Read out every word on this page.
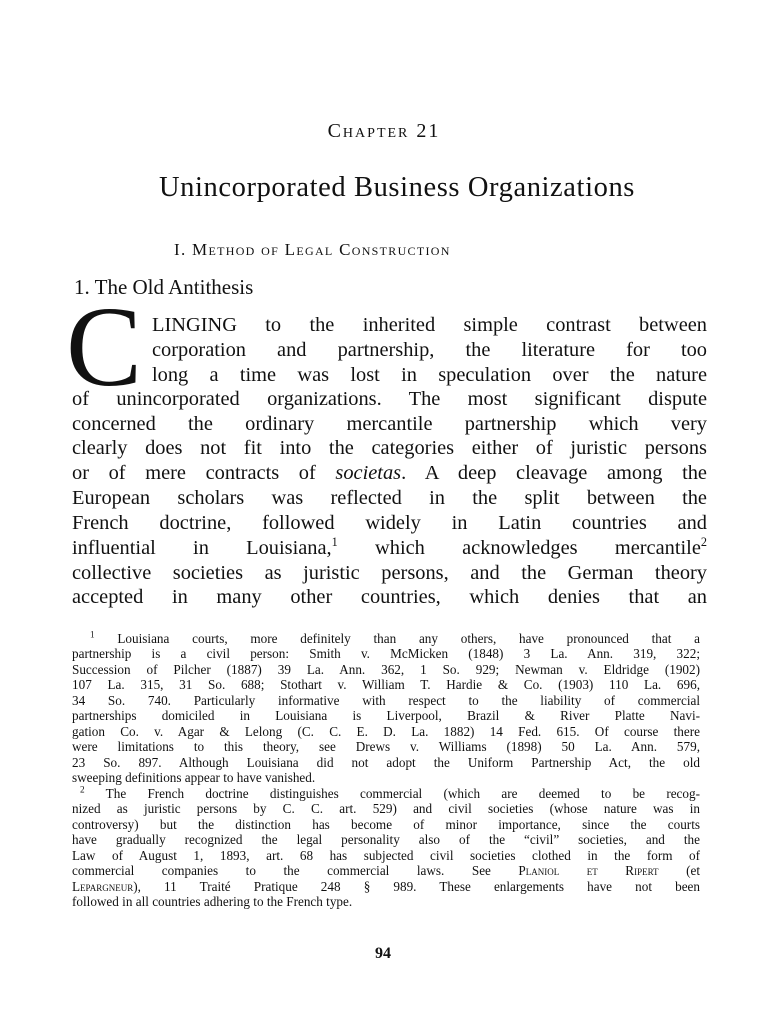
Chapter 21
Unincorporated Business Organizations
I. Method of Legal Construction
1. The Old Antithesis
C LINGING to the inherited simple contrast between
corporation and partnership, the literature for too
long a time was lost in speculation over the nature
of unincorporated organizations. The most significant dispute
concerned the ordinary mercantile partnership which very
clearly does not fit into the categories either of juristic persons
or of mere contracts of societas. A deep cleavage among the
European scholars was reflected in the split between the
French doctrine, followed widely in Latin countries and
influential in Louisiana,$^1$ which acknowledges mercantile$^2$
collective societies as juristic persons, and the German theory
accepted in many other countries, which denies that an
$^1$ Louisiana courts, more definitely than any others, have pronounced that a
partnership is a civil person: Smith v. McMicken (1848) 3 La. Ann. 319, 322;
Succession of Pilcher (1887) 39 La. Ann. 362, 1 So. 929; Newman v. Eldridge (1902)
107 La. 315, 31 So. 688; Stothart v. William T. Hardie & Co. (1903) 110 La. 696,
34 So. 740. Particularly informative with respect to the liability of commercial
partnerships domiciled in Louisiana is Liverpool, Brazil & River Platte Navi-
gation Co. v. Agar & Lelong (C. C. E. D. La. 1882) 14 Fed. 615. Of course there
were limitations to this theory, see Drews v. Williams (1898) 50 La. Ann. 579,
23 So. 897. Although Louisiana did not adopt the Uniform Partnership Act, the old
sweeping definitions appear to have vanished.
$^2$ The French doctrine distinguishes commercial (which are deemed to be recog-
nized as juristic persons by C. C. art. 529) and civil societies (whose nature was in
controversy) but the distinction has become of minor importance, since the courts
have gradually recognized the legal personality also of the “civil” societies, and the
Law of August 1, 1893, art. 68 has subjected civil societies clothed in the form of
commercial companies to the commercial laws. See Planiol et Ripert (et
Lepargneur), 11 Traité Pratique 248 § 989. These enlargements have not been
followed in all countries adhering to the French type.
94
